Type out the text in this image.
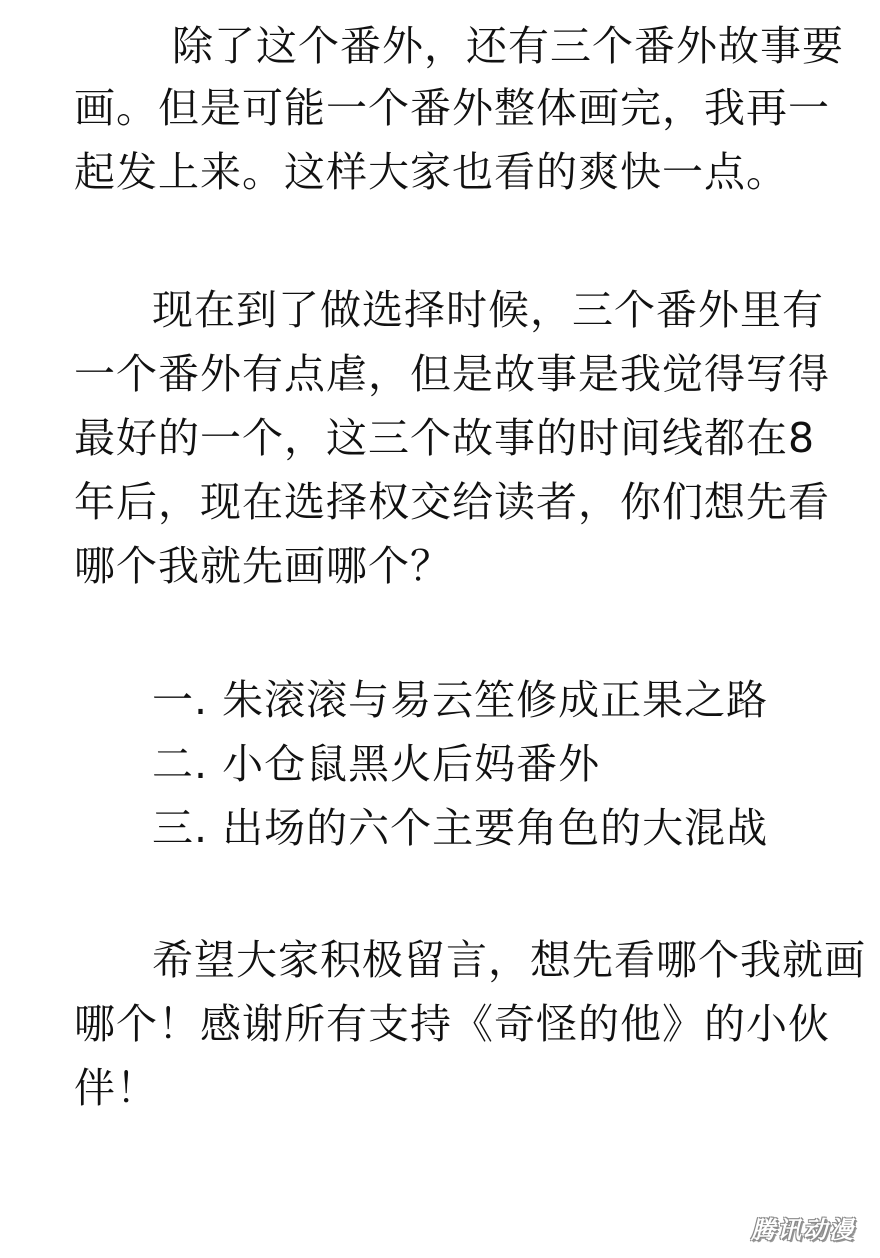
除了这个番外，还有三个番外故事要
画。但是可能一个番外整体画完，我再一
起发上来。这样大家也看的爽快一点。
现在到了做选择时候，三个番外里有
一个番外有点虐，但是故事是我觉得写得
最好的一个，这三个故事的时间线都在8
年后，现在选择权交给读者，你们想先看
哪个我就先画哪个？
一. 朱滚滚与易云笙修成正果之路
二. 小仓鼠黑火后妈番外
三. 出场的六个主要角色的大混战
希望大家积极留言，想先看哪个我就画
哪个！感谢所有支持《奇怪的他》的小伙
伴！
腾讯动漫
